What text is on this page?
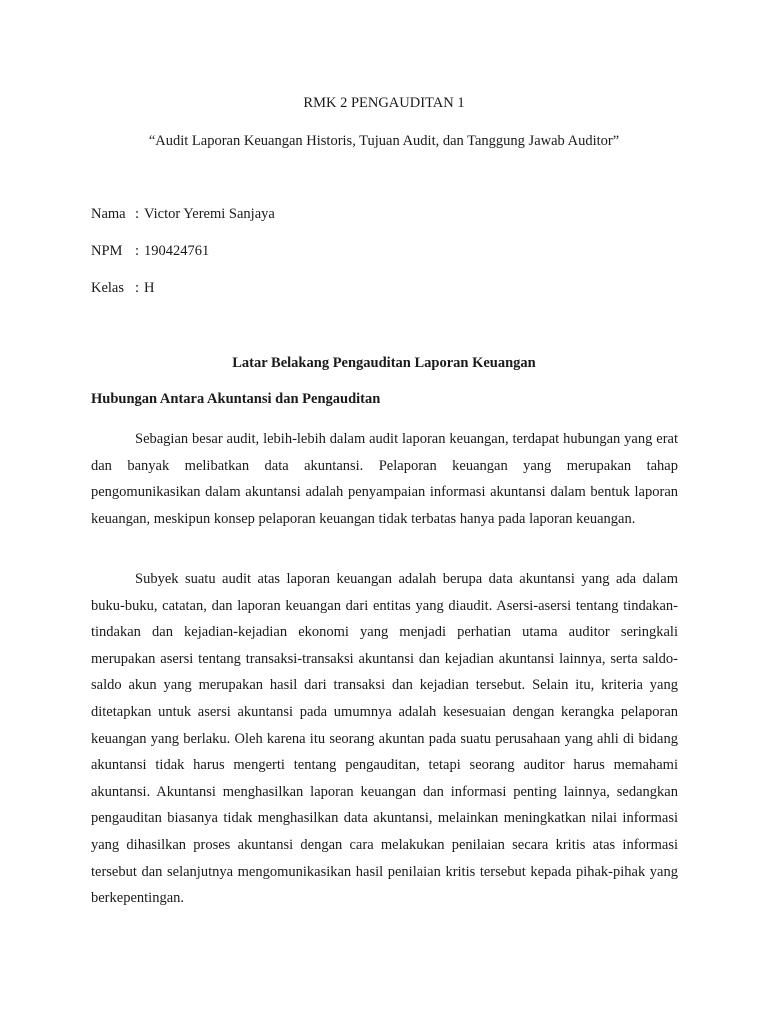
RMK 2 PENGAUDITAN 1
“Audit Laporan Keuangan Historis, Tujuan Audit, dan Tanggung Jawab Auditor”
Nama : Victor Yeremi Sanjaya
NPM : 190424761
Kelas : H
Latar Belakang Pengauditan Laporan Keuangan
Hubungan Antara Akuntansi dan Pengauditan

Sebagian besar audit, lebih-lebih dalam audit laporan keuangan, terdapat hubungan yang erat dan banyak melibatkan data akuntansi. Pelaporan keuangan yang merupakan tahap pengomunikasikan dalam akuntansi adalah penyampaian informasi akuntansi dalam bentuk laporan keuangan, meskipun konsep pelaporan keuangan tidak terbatas hanya pada laporan keuangan.

Subyek suatu audit atas laporan keuangan adalah berupa data akuntansi yang ada dalam buku-buku, catatan, dan laporan keuangan dari entitas yang diaudit. Asersi-asersi tentang tindakan-tindakan dan kejadian-kejadian ekonomi yang menjadi perhatian utama auditor seringkali merupakan asersi tentang transaksi-transaksi akuntansi dan kejadian akuntansi lainnya, serta saldo-saldo akun yang merupakan hasil dari transaksi dan kejadian tersebut. Selain itu, kriteria yang ditetapkan untuk asersi akuntansi pada umumnya adalah kesesuaian dengan kerangka pelaporan keuangan yang berlaku. Oleh karena itu seorang akuntan pada suatu perusahaan yang ahli di bidang akuntansi tidak harus mengerti tentang pengauditan, tetapi seorang auditor harus memahami akuntansi. Akuntansi menghasilkan laporan keuangan dan informasi penting lainnya, sedangkan pengauditan biasanya tidak menghasilkan data akuntansi, melainkan meningkatkan nilai informasi yang dihasilkan proses akuntansi dengan cara melakukan penilaian secara kritis atas informasi tersebut dan selanjutnya mengomunikasikan hasil penilaian kritis tersebut kepada pihak-pihak yang berkepentingan.
